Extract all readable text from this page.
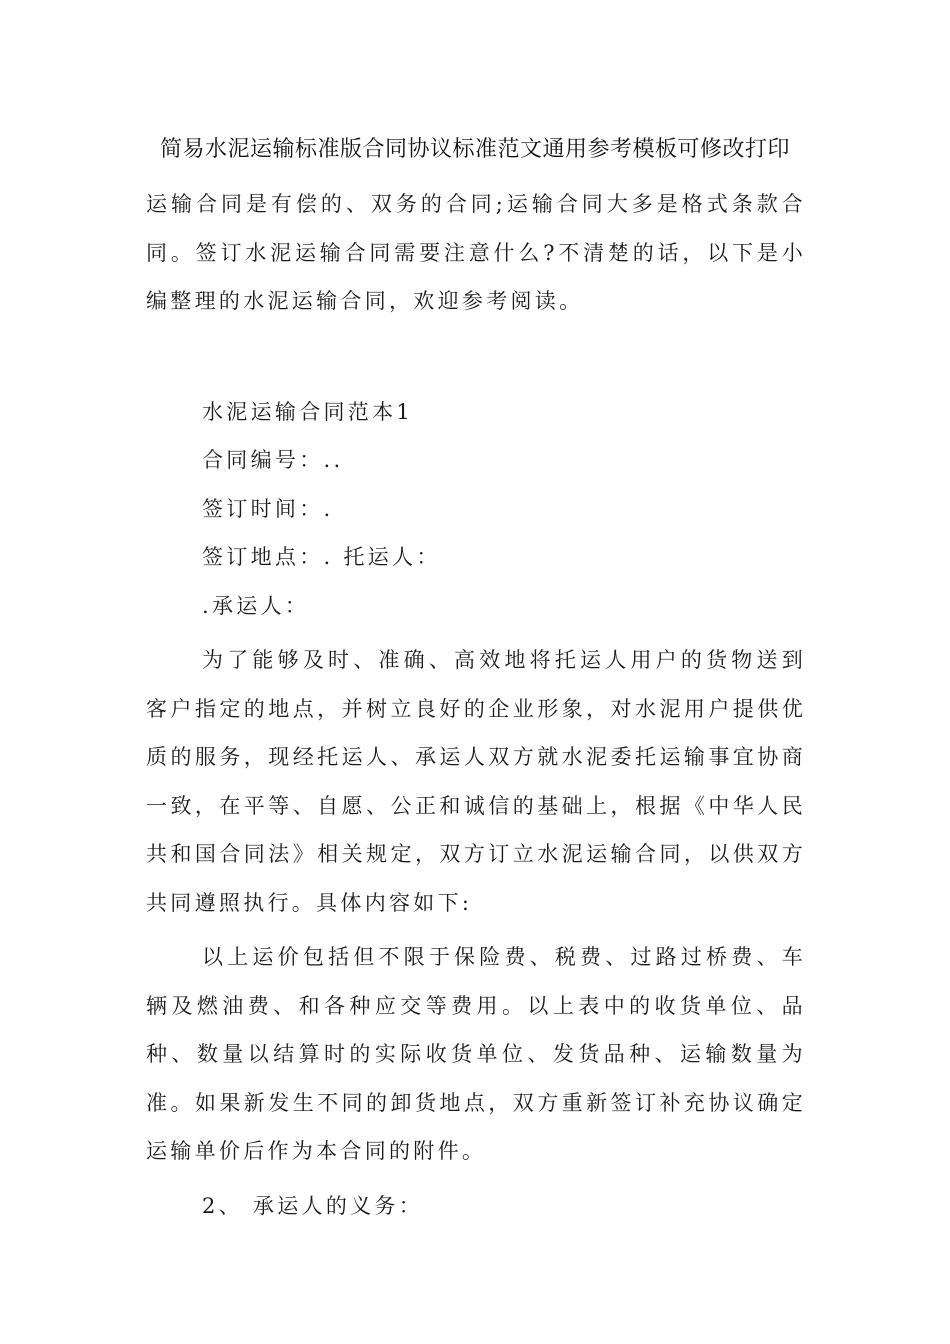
简易水泥运输标准版合同协议标准范文通用参考模板可修改打印

运输合同是有偿的、双务的合同;运输合同大多是格式条款合同。签订水泥运输合同需要注意什么?不清楚的话，以下是小编整理的水泥运输合同，欢迎参考阅读。

水泥运输合同范本1

合同编号：..

签订时间：.

签订地点：. 托运人：

.承运人：

为了能够及时、准确、高效地将托运人用户的货物送到客户指定的地点，并树立良好的企业形象，对水泥用户提供优质的服务，现经托运人、承运人双方就水泥委托运输事宜协商一致，在平等、自愿、公正和诚信的基础上，根据《中华人民共和国合同法》相关规定，双方订立水泥运输合同，以供双方共同遵照执行。具体内容如下:

以上运价包括但不限于保险费、税费、过路过桥费、车辆及燃油费、和各种应交等费用。以上表中的收货单位、品种、数量以结算时的实际收货单位、发货品种、运输数量为准。如果新发生不同的卸货地点，双方重新签订补充协议确定运输单价后作为本合同的附件。

2、 承运人的义务：
